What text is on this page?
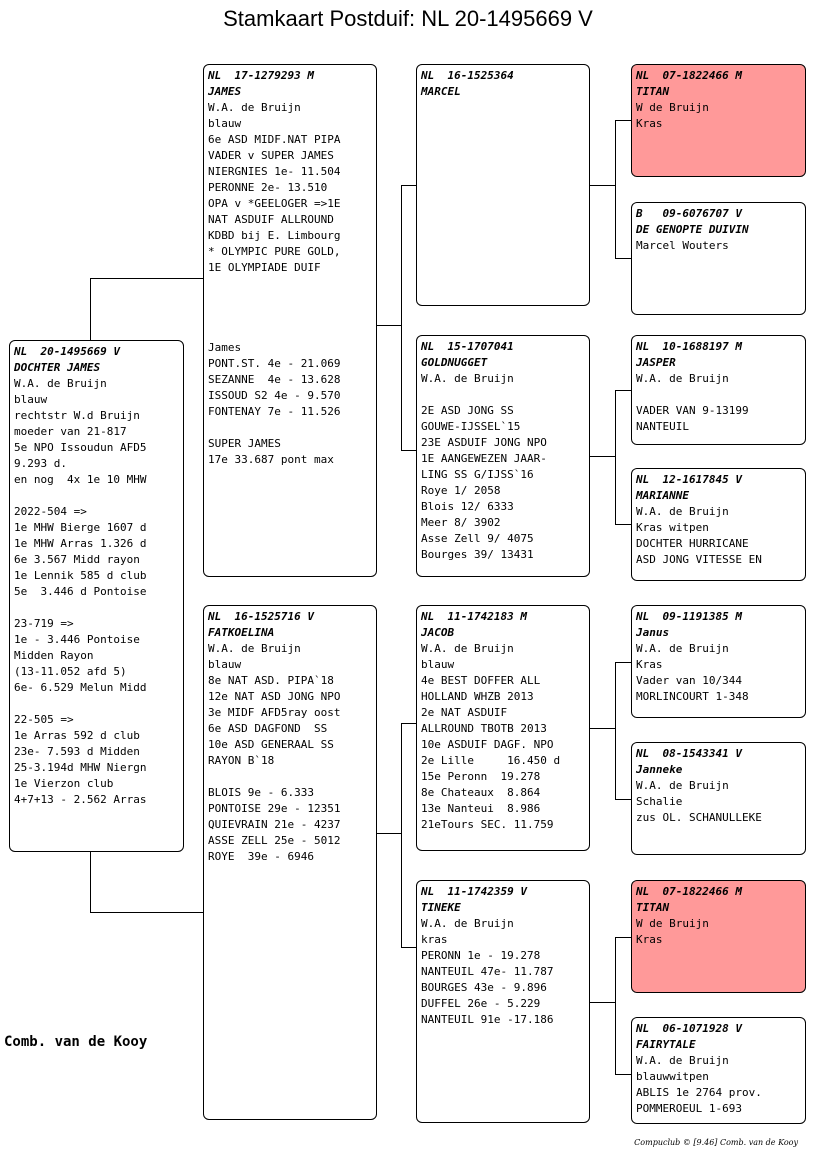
Stamkaart Postduif: NL 20-1495669 V
NL  20-1495669 V
DOCHTER JAMES
W.A. de Bruijn
blauw
rechtstr W.d Bruijn
moeder van 21-817
5e NPO Issoudun AFD5
9.293 d.
en nog  4x 1e 10 MHW
2022-504 =>
1e MHW Bierge 1607 d
1e MHW Arras 1.326 d
6e 3.567 Midd rayon
1e Lennik 585 d club
5e  3.446 d Pontoise
23-719 =>
1e - 3.446 Pontoise
Midden Rayon
(13-11.052 afd 5)
6e- 6.529 Melun Midd
22-505 =>
1e Arras 592 d club
23e- 7.593 d Midden
25-3.194d MHW Niergn
1e Vierzon club
4+7+13 - 2.562 Arras
NL  17-1279293 M
JAMES
W.A. de Bruijn
blauw
6e ASD MIDF.NAT PIPA
VADER v SUPER JAMES
NIERGNIES 1e- 11.504
PERONNE 2e- 13.510
OPA v *GEELOGER =>1E
NAT ASDUIF ALLROUND
KDBD bij E. Limbourg
* OLYMPIC PURE GOLD,
1E OLYMPIADE DUIF
James
PONT.ST. 4e - 21.069
SEZANNE  4e - 13.628
ISSOUD S2 4e - 9.570
FONTENAY 7e - 11.526
SUPER JAMES
17e 33.687 pont max
NL  16-1525716 V
FATKOELINA
W.A. de Bruijn
blauw
8e NAT ASD. PIPA`18
12e NAT ASD JONG NPO
3e MIDF AFD5ray oost
6e ASD DAGFOND  SS
10e ASD GENERAAL SS
RAYON B`18
BLOIS 9e - 6.333
PONTOISE 29e - 12351
QUIEVRAIN 21e - 4237
ASSE ZELL 25e - 5012
ROYE  39e - 6946
NL  16-1525364
MARCEL
NL  15-1707041
GOLDNUGGET
W.A. de Bruijn
2E ASD JONG SS
GOUWE-IJSSEL`15
23E ASDUIF JONG NPO
1E AANGEWEZEN JAAR-
LING SS G/IJSS`16
Roye 1/ 2058
Blois 12/ 6333
Meer 8/ 3902
Asse Zell 9/ 4075
Bourges 39/ 13431
NL  11-1742183 M
JACOB
W.A. de Bruijn
blauw
4e BEST DOFFER ALL
HOLLAND WHZB 2013
2e NAT ASDUIF
ALLROUND TBOTB 2013
10e ASDUIF DAGF. NPO
2e Lille     16.450 d
15e Peronn  19.278
8e Chateaux  8.864
13e Nanteui  8.986
21eTours SEC. 11.759
NL  11-1742359 V
TINEKE
W.A. de Bruijn
kras
PERONN 1e - 19.278
NANTEUIL 47e- 11.787
BOURGES 43e - 9.896
DUFFEL 26e - 5.229
NANTEUIL 91e -17.186
NL  07-1822466 M
TITAN
W de Bruijn
Kras
B   09-6076707 V
DE GENOPTE DUIVIN
Marcel Wouters
NL  10-1688197 M
JASPER
W.A. de Bruijn
VADER VAN 9-13199
NANTEUIL
NL  12-1617845 V
MARIANNE
W.A. de Bruijn
Kras witpen
DOCHTER HURRICANE
ASD JONG VITESSE EN
NL  09-1191385 M
Janus
W.A. de Bruijn
Kras
Vader van 10/344
MORLINCOURT 1-348
NL  08-1543341 V
Janneke
W.A. de Bruijn
Schalie
zus OL. SCHANULLEKE
NL  07-1822466 M
TITAN
W de Bruijn
Kras
NL  06-1071928 V
FAIRYTALE
W.A. de Bruijn
blauwwitpen
ABLIS 1e 2764 prov.
POMMEROEUL 1-693
Comb. van de Kooy
Compuclub © [9.46] Comb. van de Kooy
